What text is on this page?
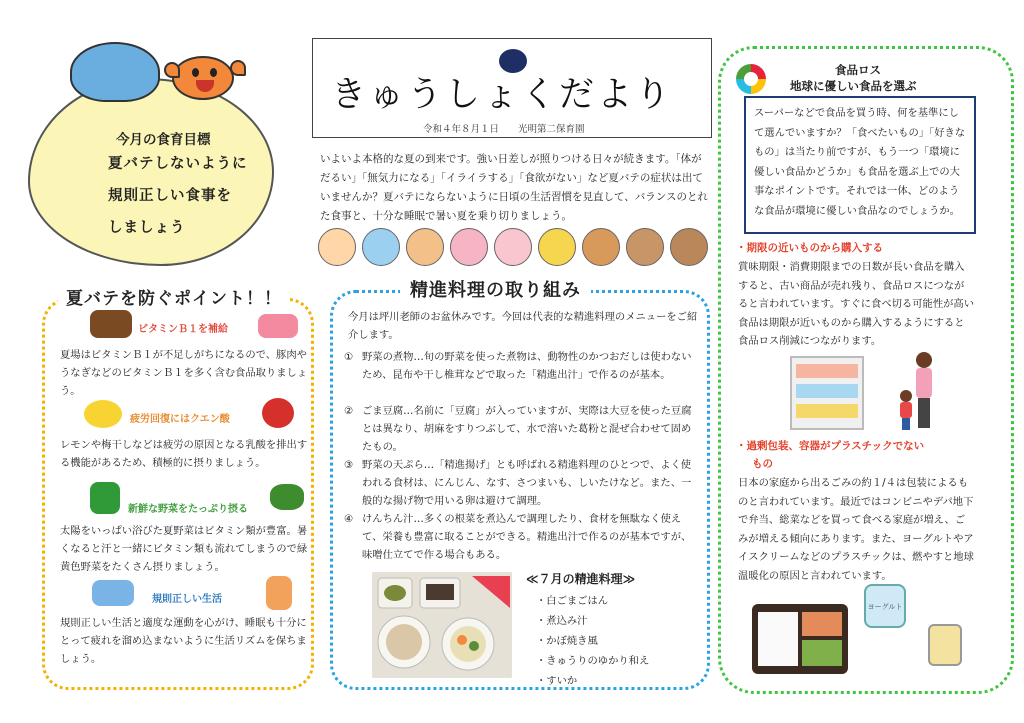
今月の食育目標
夏バテしないように
規則正しい食事を
しましょう
きゅうしょくだより
令和４年８月１日　　光明第二保育園
いよいよ本格的な夏の到来です。強い日差しが照りつける日々が続きます。「体がだるい」「無気力になる」「イライラする」「食欲がない」など夏バテの症状は出ていませんか？夏バテにならないように日頃の生活習慣を見直して、バランスのとれた食事と、十分な睡眠で暑い夏を乗り切りましょう。
夏バテを防ぐポイント！！
ビタミンＢ１を補給
夏場はビタミンＢ１が不足しがちになるので、豚肉やうなぎなどのビタミンＢ１を多く含む食品取りましょう。
疲労回復にはクエン酸
レモンや梅干しなどは疲労の原因となる乳酸を排出する機能があるため、積極的に摂りましょう。
新鮮な野菜をたっぷり摂る
太陽をいっぱい浴びた夏野菜はビタミン類が豊富。暑くなると汗と一緒にビタミン類も流れてしまうので緑黄色野菜をたくさん摂りましょう。
規則正しい生活
規則正しい生活と適度な運動を心がけ、睡眠も十分にとって疲れを溜め込まないように生活リズムを保ちましょう。
精進料理の取り組み
今月は坪川老師のお盆休みです。今回は代表的な精進料理のメニューをご紹介します。
① 野菜の煮物…旬の野菜を使った煮物は、動物性のかつおだしは使わないため、昆布や干し椎茸などで取った「精進出汁」で作るのが基本。
② ごま豆腐…名前に「豆腐」が入っていますが、実際は大豆を使った豆腐とは異なり、胡麻をすりつぶして、水で溶いた葛粉と混ぜ合わせて固めたもの。
③ 野菜の天ぷら…「精進揚げ」とも呼ばれる精進料理のひとつで、よく使われる食材は、にんじん、なす、さつまいも、しいたけなど。また、一般的な揚げ物で用いる卵は避けて調理。
④ けんちん汁…多くの根菜を煮込んで調理したり、食材を無駄なく使えて、栄養も豊富に取ることができる。精進出汁で作るのが基本ですが、味噌仕立てで作る場合もある。
≪７月の精進料理≫
・白ごまごはん
・煮込み汁
・かぼ焼き風
・きゅうりのゆかり和え
・すいか
食品ロス
地球に優しい食品を選ぶ
スーパーなどで食品を買う時、何を基準にして選んでいますか？「食べたいもの」「好きなもの」は当たり前ですが、もう一つ「環境に優しい食品かどうか」も食品を選ぶ上での大事なポイントです。それでは一体、どのような食品が環境に優しい食品なのでしょうか。
・期限の近いものから購入する
賞味期限・消費期限までの日数が長い食品を購入すると、古い商品が売れ残り、食品ロスにつながると言われています。すぐに食べ切る可能性が高い食品は期限が近いものから購入するようにすると食品ロス削減につながります。
・過剰包装、容器がプラスチックでない
もの
日本の家庭から出るごみの約１/４は包装によるものと言われています。最近ではコンビニやデパ地下で弁当、総菜などを買って食べる家庭が増え、ごみが増える傾向にあります。また、ヨーグルトやアイスクリームなどのプラスチックは、燃やすと地球温暖化の原因と言われています。
ヨーグルト
